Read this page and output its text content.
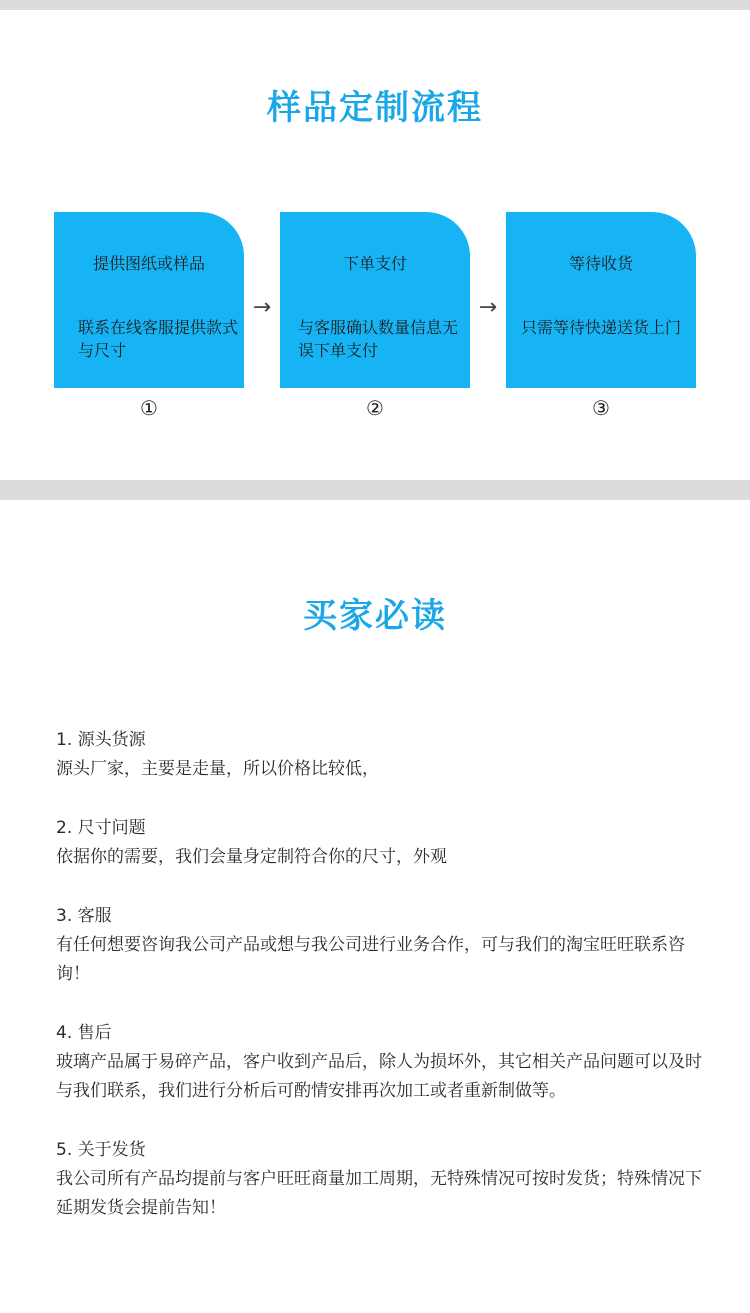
样品定制流程
提供图纸或样品
联系在线客服提供款式与尺寸
→
下单支付
与客服确认数量信息无误下单支付
→
等待收货
只需等待快递送货上门
①	②	③
买家必读
1. 源头货源
源头厂家，主要是走量，所以价格比较低，
2. 尺寸问题
依据你的需要，我们会量身定制符合你的尺寸，外观
3. 客服
有任何想要咨询我公司产品或想与我公司进行业务合作，可与我们的淘宝旺旺联系咨询！
4. 售后
玻璃产品属于易碎产品，客户收到产品后，除人为损坏外，其它相关产品问题可以及时与我们联系，我们进行分析后可酌情安排再次加工或者重新制做等。
5. 关于发货
我公司所有产品均提前与客户旺旺商量加工周期，无特殊情况可按时发货；特殊情况下延期发货会提前告知！
